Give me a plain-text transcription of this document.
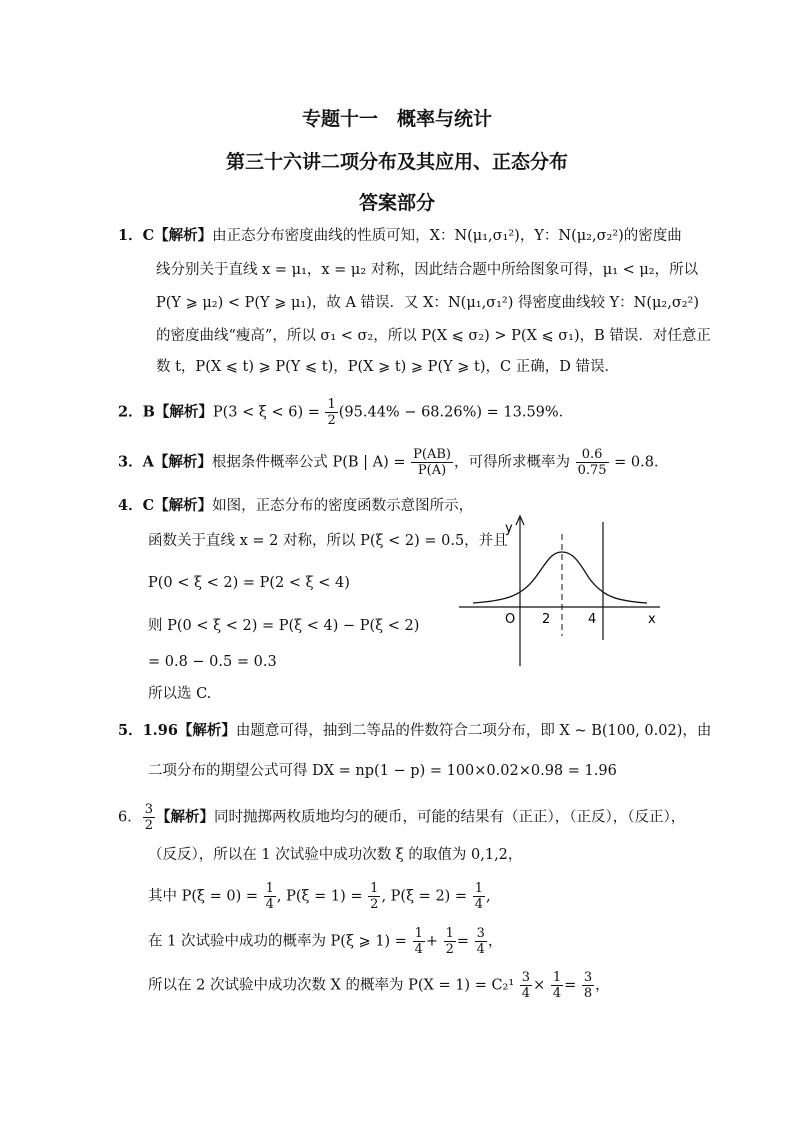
专题十一　概率与统计
第三十六讲二项分布及其应用、正态分布
答案部分
1．C【解析】由正态分布密度曲线的性质可知，X：N(μ₁,σ₁²)，Y：N(μ₂,σ₂²)的密度曲
线分别关于直线 x = μ₁，x = μ₂ 对称，因此结合题中所给图象可得，μ₁ < μ₂，所以
P(Y ⩾ μ₂) < P(Y ⩾ μ₁)，故 A 错误．又 X：N(μ₁,σ₁²) 得密度曲线较 Y：N(μ₂,σ₂²)
的密度曲线“瘦高”，所以 σ₁ < σ₂，所以 P(X ⩽ σ₂) > P(X ⩽ σ₁)，B 错误．对任意正
数 t，P(X ⩽ t) ⩾ P(Y ⩽ t)，P(X ⩾ t) ⩾ P(Y ⩾ t)，C 正确，D 错误．
2．B【解析】$P(3 < \xi < 6) = \frac{1}{2} (95.44\% - 68.26\%) = 13.59\%$．
3．A【解析】根据条件概率公式 P(B | $A) = \frac{P(AB)}{P(A)}$ ，可得所求概率为 $\frac{0.6}{0.75} = 0.8$．
4．C【解析】如图，正态分布的密度函数示意图所示，
函数关于直线 x = 2 对称，所以 P(ξ < 2) = 0.5，并且
P(0 < ξ < 2) = P(2 < ξ < 4)
则 P(0 < ξ < 2) = P(ξ < 4) − P(ξ < 2)
= 0.8 − 0.5 = 0.3
所以选 C.
y
O 2	4	x
5．1.96【解析】由题意可得，抽到二等品的件数符合二项分布，即 X ~ B(100, 0.02)，由
二项分布的期望公式可得 DX = np(1 − p) = 100×0.02×0.98 = 1.96
6． $\frac{3}{2}$ 【解析】同时抛掷两枚质地均匀的硬币，可能的结果有（正正），（正反），（反正），
（反反），所以在 1 次试验中成功次数 ξ 的取值为 0,1,2，
其中 $P(\xi = 0) = \frac{1}{4}$ , $P(\xi = 1) = \frac{1}{2}$ , $P(\xi = 2) = \frac{1}{4}$ ,
在 1 次试验中成功的概率为 P(ξ ⩾ $1) = \frac{1}{4} + \frac{1}{2} = \frac{3}{4}$ ，
所以在 2 次试验中成功次数 X 的概率为 $P(X = 1) = C_2^1 \frac{3}{4} \times \frac{1}{4} = \frac{3}{8}$ ，
